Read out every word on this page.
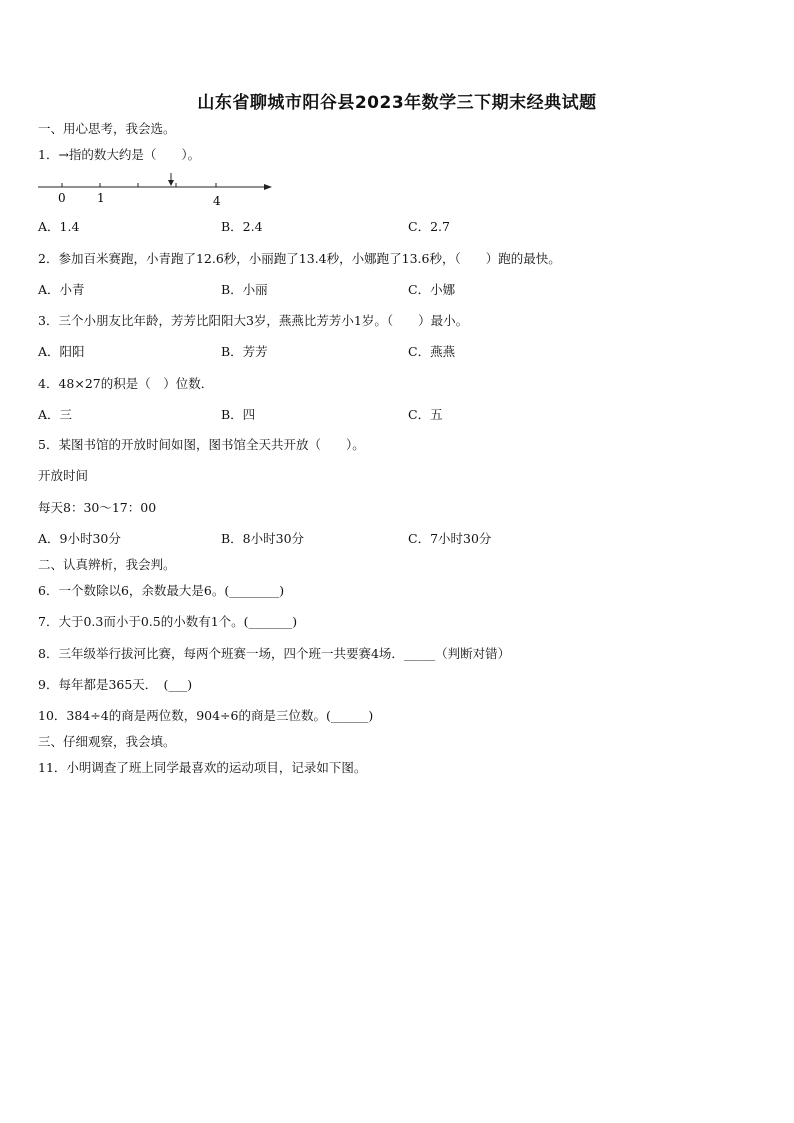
山东省聊城市阳谷县2023年数学三下期末经典试题
一、用心思考，我会选。
1．→指的数大约是（　　）。
0	1	4
A．1.4	B．2.4	C．2.7
2．参加百米赛跑，小青跑了12.6秒，小丽跑了13.4秒，小娜跑了13.6秒，（　　）跑的最快。
A．小青	B．小丽	C．小娜
3．三个小朋友比年龄，芳芳比阳阳大3岁，燕燕比芳芳小1岁。（　　）最小。
A．阳阳	B．芳芳	C．燕燕
4．48×27的积是（　）位数．
A．三	B．四	C．五
5．某图书馆的开放时间如图，图书馆全天共开放（　　）。
开放时间
每天8：30～17：00
A．9小时30分	B．8小时30分	C．7小时30分
二、认真辨析，我会判。
6．一个数除以6，余数最大是6。(________)
7．大于0.3而小于0.5的小数有1个。(_______)
8．三年级举行拔河比赛，每两个班赛一场，四个班一共要赛4场．_____（判断对错）
9．每年都是365天．　(___)
10．384÷4的商是两位数，904÷6的商是三位数。(______)
三、仔细观察，我会填。
11．小明调查了班上同学最喜欢的运动项目，记录如下图。
